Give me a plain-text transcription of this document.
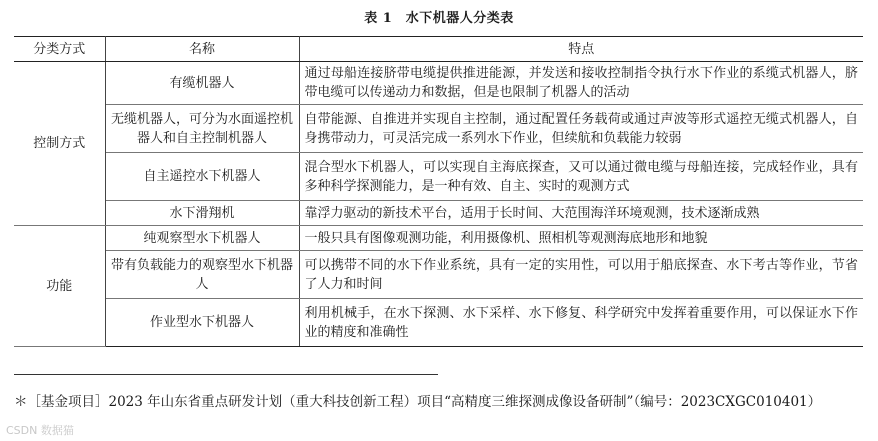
表 1　水下机器人分类表
分类方式	名称	特点
控制方式	有缆机器人	通过母船连接脐带电缆提供推进能源，并发送和接收控制指令执行水下作业的系缆式机器人，脐带电缆可以传递动力和数据，但是也限制了机器人的活动
	无缆机器人，可分为水面遥控机器人和自主控制机器人	自带能源、自推进并实现自主控制，通过配置任务载荷或通过声波等形式遥控无缆式机器人，自身携带动力，可灵活完成一系列水下作业，但续航和负载能力较弱
	自主遥控水下机器人	混合型水下机器人，可以实现自主海底探查，又可以通过微电缆与母船连接，完成轻作业，具有多种科学探测能力，是一种有效、自主、实时的观测方式
	水下滑翔机	靠浮力驱动的新技术平台，适用于长时间、大范围海洋环境观测，技术逐渐成熟
功能	纯观察型水下机器人	一般只具有图像观测功能，利用摄像机、照相机等观测海底地形和地貌
	带有负载能力的观察型水下机器人	可以携带不同的水下作业系统，具有一定的实用性，可以用于船底探查、水下考古等作业，节省了人力和时间
	作业型水下机器人	利用机械手，在水下探测、水下采样、水下修复、科学研究中发挥着重要作用，可以保证水下作业的精度和准确性
＊［基金项目］2023 年山东省重点研发计划（重大科技创新工程）项目“高精度三维探测成像设备研制”（编号：2023CXGC010401）
CSDN 数据猫
